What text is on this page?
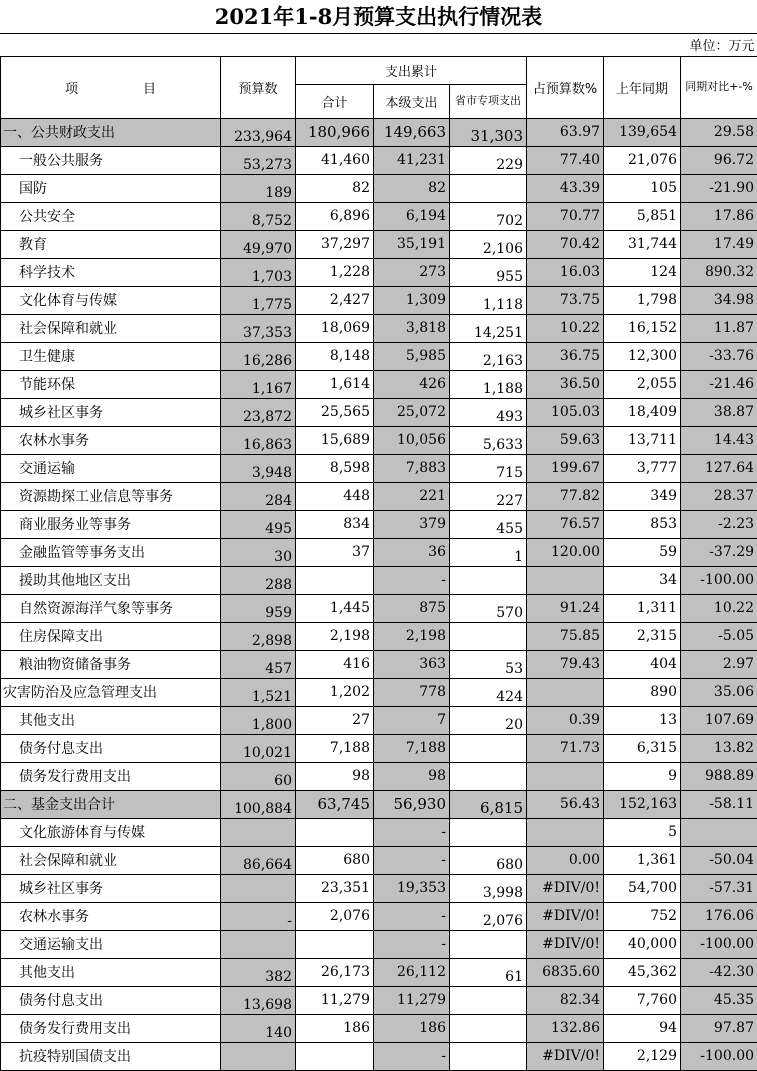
2021年1-8月预算支出执行情况表
单位：万元							
项　　　　　目	预算数	支出累计			占预算数%	上年同期	同期对比+-%
		合计	本级支出	省市专项支出			
一、公共财政支出	233,964	180,966	149,663	31,303	63.97	139,654	29.58
一般公共服务	53,273	41,460	41,231	229	77.40	21,076	96.72
国防	189	82	82		43.39	105	-21.90
公共安全	8,752	6,896	6,194	702	70.77	5,851	17.86
教育	49,970	37,297	35,191	2,106	70.42	31,744	17.49
科学技术	1,703	1,228	273	955	16.03	124	890.32
文化体育与传媒	1,775	2,427	1,309	1,118	73.75	1,798	34.98
社会保障和就业	37,353	18,069	3,818	14,251	10.22	16,152	11.87
卫生健康	16,286	8,148	5,985	2,163	36.75	12,300	-33.76
节能环保	1,167	1,614	426	1,188	36.50	2,055	-21.46
城乡社区事务	23,872	25,565	25,072	493	105.03	18,409	38.87
农林水事务	16,863	15,689	10,056	5,633	59.63	13,711	14.43
交通运输	3,948	8,598	7,883	715	199.67	3,777	127.64
资源勘探工业信息等事务	284	448	221	227	77.82	349	28.37
商业服务业等事务	495	834	379	455	76.57	853	-2.23
金融监管等事务支出	30	37	36	1	120.00	59	-37.29
援助其他地区支出	288		-			34	-100.00
自然资源海洋气象等事务	959	1,445	875	570	91.24	1,311	10.22
住房保障支出	2,898	2,198	2,198		75.85	2,315	-5.05
粮油物资储备事务	457	416	363	53	79.43	404	2.97
灾害防治及应急管理支出	1,521	1,202	778	424		890	35.06
其他支出	1,800	27	7	20	0.39	13	107.69
债务付息支出	10,021	7,188	7,188		71.73	6,315	13.82
债务发行费用支出	60	98	98			9	988.89
二、基金支出合计	100,884	63,745	56,930	6,815	56.43	152,163	-58.11
文化旅游体育与传媒			-			5	
社会保障和就业	86,664	680	-	680	0.00	1,361	-50.04
城乡社区事务		23,351	19,353	3,998	#DIV/0!	54,700	-57.31
农林水事务	-	2,076	-	2,076	#DIV/0!	752	176.06
交通运输支出			-		#DIV/0!	40,000	-100.00
其他支出	382	26,173	26,112	61	6835.60	45,362	-42.30
债务付息支出	13,698	11,279	11,279		82.34	7,760	45.35
债务发行费用支出	140	186	186		132.86	94	97.87
抗疫特别国债支出			-		#DIV/0!	2,129	-100.00
